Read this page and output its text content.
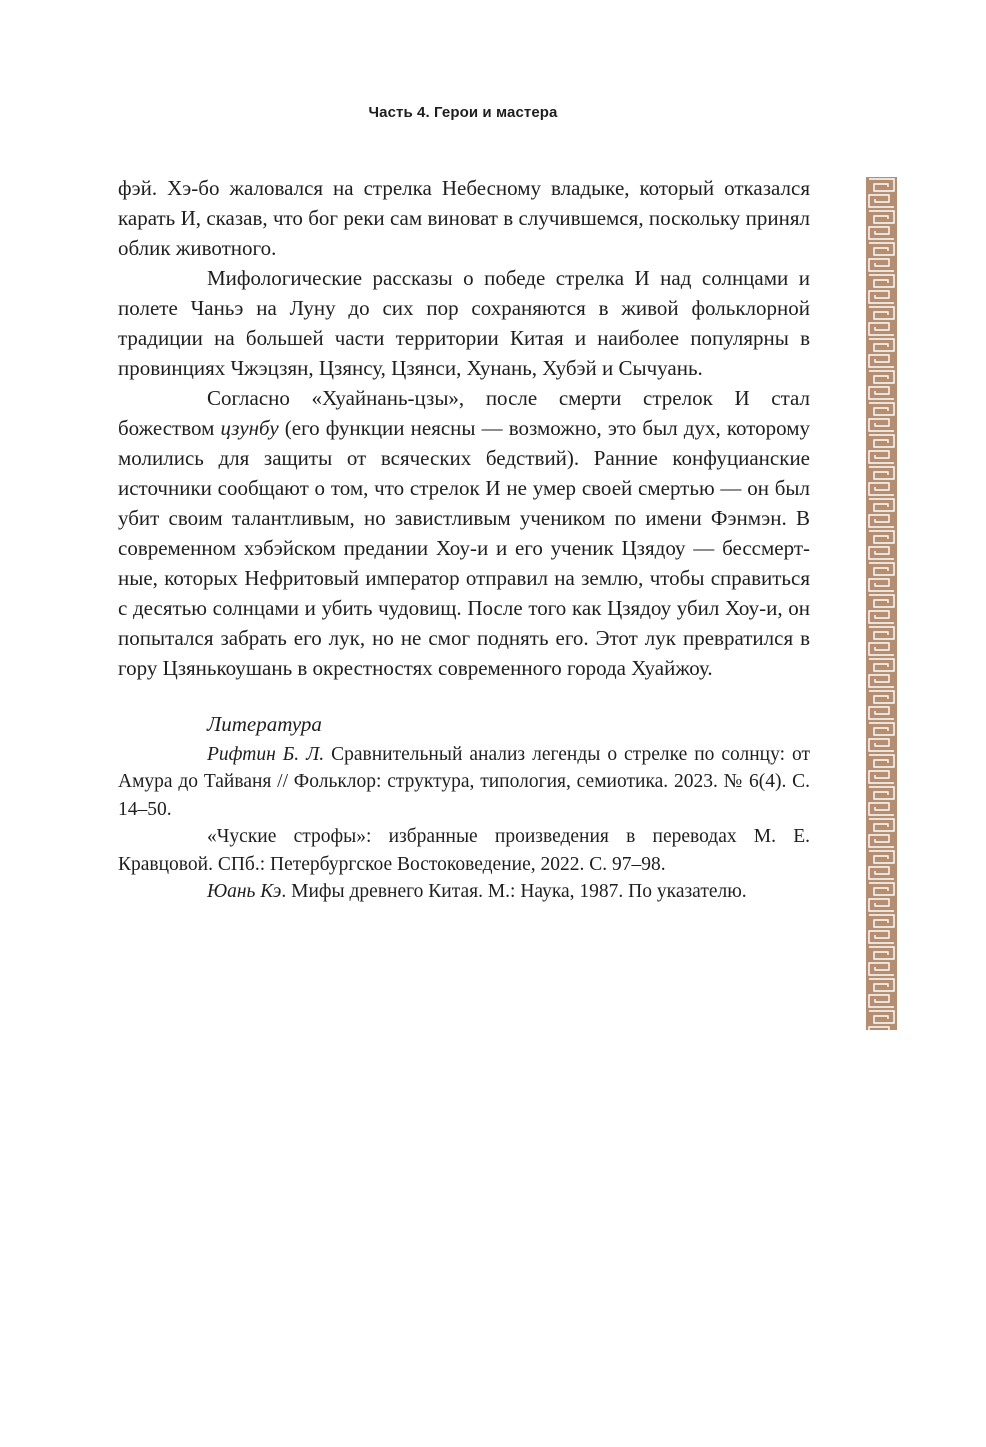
Часть 4. Герои и мастера

фэй. Хэ-бо жаловался на стрелка Небесному владыке, который отказался карать И, сказав, что бог реки сам виноват в случившемся, поскольку принял облик животного.

Мифологические рассказы о победе стрелка И над солнцами и полете Чаньэ на Луну до сих пор сохраняются в живой фольклорной традиции на большей части территории Китая и наиболее популярны в провинциях Чжэцзян, Цзянсу, Цзянси, Хунань, Хубэй и Сычуань.

Согласно «Хуайнань-цзы», после смерти стрелок И стал божеством цзунбу (его функции неясны — возможно, это был дух, которому молились для защиты от всяческих бедствий). Ранние конфуцианские источники сообщают о том, что стрелок И не умер своей смертью — он был убит своим талантливым, но завистливым учеником по имени Фэнмэн. В современном хэбэйском предании Хоу-и и его ученик Цзядоу — бессмертные, которых Нефритовый император отправил на землю, чтобы справиться с десятью солнцами и убить чудовищ. После того как Цзядоу убил Хоу-и, он попытался забрать его лук, но не смог поднять его. Этот лук превратился в гору Цзянькоушань в окрестностях современного города Хуайжоу.

Литература

Рифтин Б. Л. Сравнительный анализ легенды о стрелке по солнцу: от Амура до Тайваня // Фольклор: структура, типология, семиотика. 2023. № 6(4). С. 14–50.

«Чуские строфы»: избранные произведения в переводах М. Е. Кравцовой. СПб.: Петербургское Востоковедение, 2022. С. 97–98.

Юань Кэ. Мифы древнего Китая. М.: Наука, 1987. По указателю.
